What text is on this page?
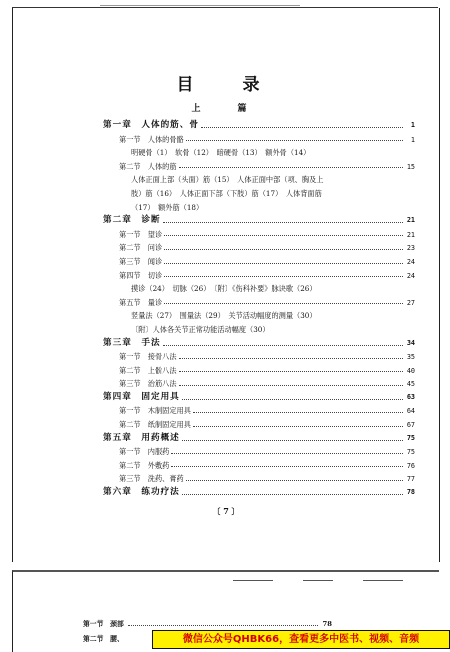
目　录
上　篇
第一章　人体的筋、骨	1
第一节　人体的骨骼	1
明硬骨（1）　软骨（12）　暗硬骨（13）　额外骨（14）
第二节　人体的筋	15
人体正面上部（头面）筋（15）　人体正面中部（项、胸及上
肢）筋（16）　人体正面下部（下肢）筋（17）　人体背面筋
（17）　额外筋（18）
第二章　诊断	21
第一节　望诊	21
第二节　问诊	23
第三节　闻诊	24
第四节　切诊	24
摸诊（24）　切脉（26）　〔附〕《伤科补要》脉诀歌（26）
第五节　量诊	27
竖量法（27）　围量法（29）　关节活动幅度的测量（30）
〔附〕人体各关节正常功能活动幅度（30）
第三章　手法	34
第一节　接骨八法	35
第二节　上骱八法	40
第三节　治筋八法	45
第四章　固定用具	63
第一节　木制固定用具	64
第二节　纸制固定用具	67
第五章　用药概述	75
第一节　内服药	75
第二节　外敷药	76
第三节　洗药、膏药	77
第六章　练功疗法	78
〔 7 〕
第一节　颈部	78
第二节　腰、	微信公众号QHBK66，查看更多中医书、视频、音频
